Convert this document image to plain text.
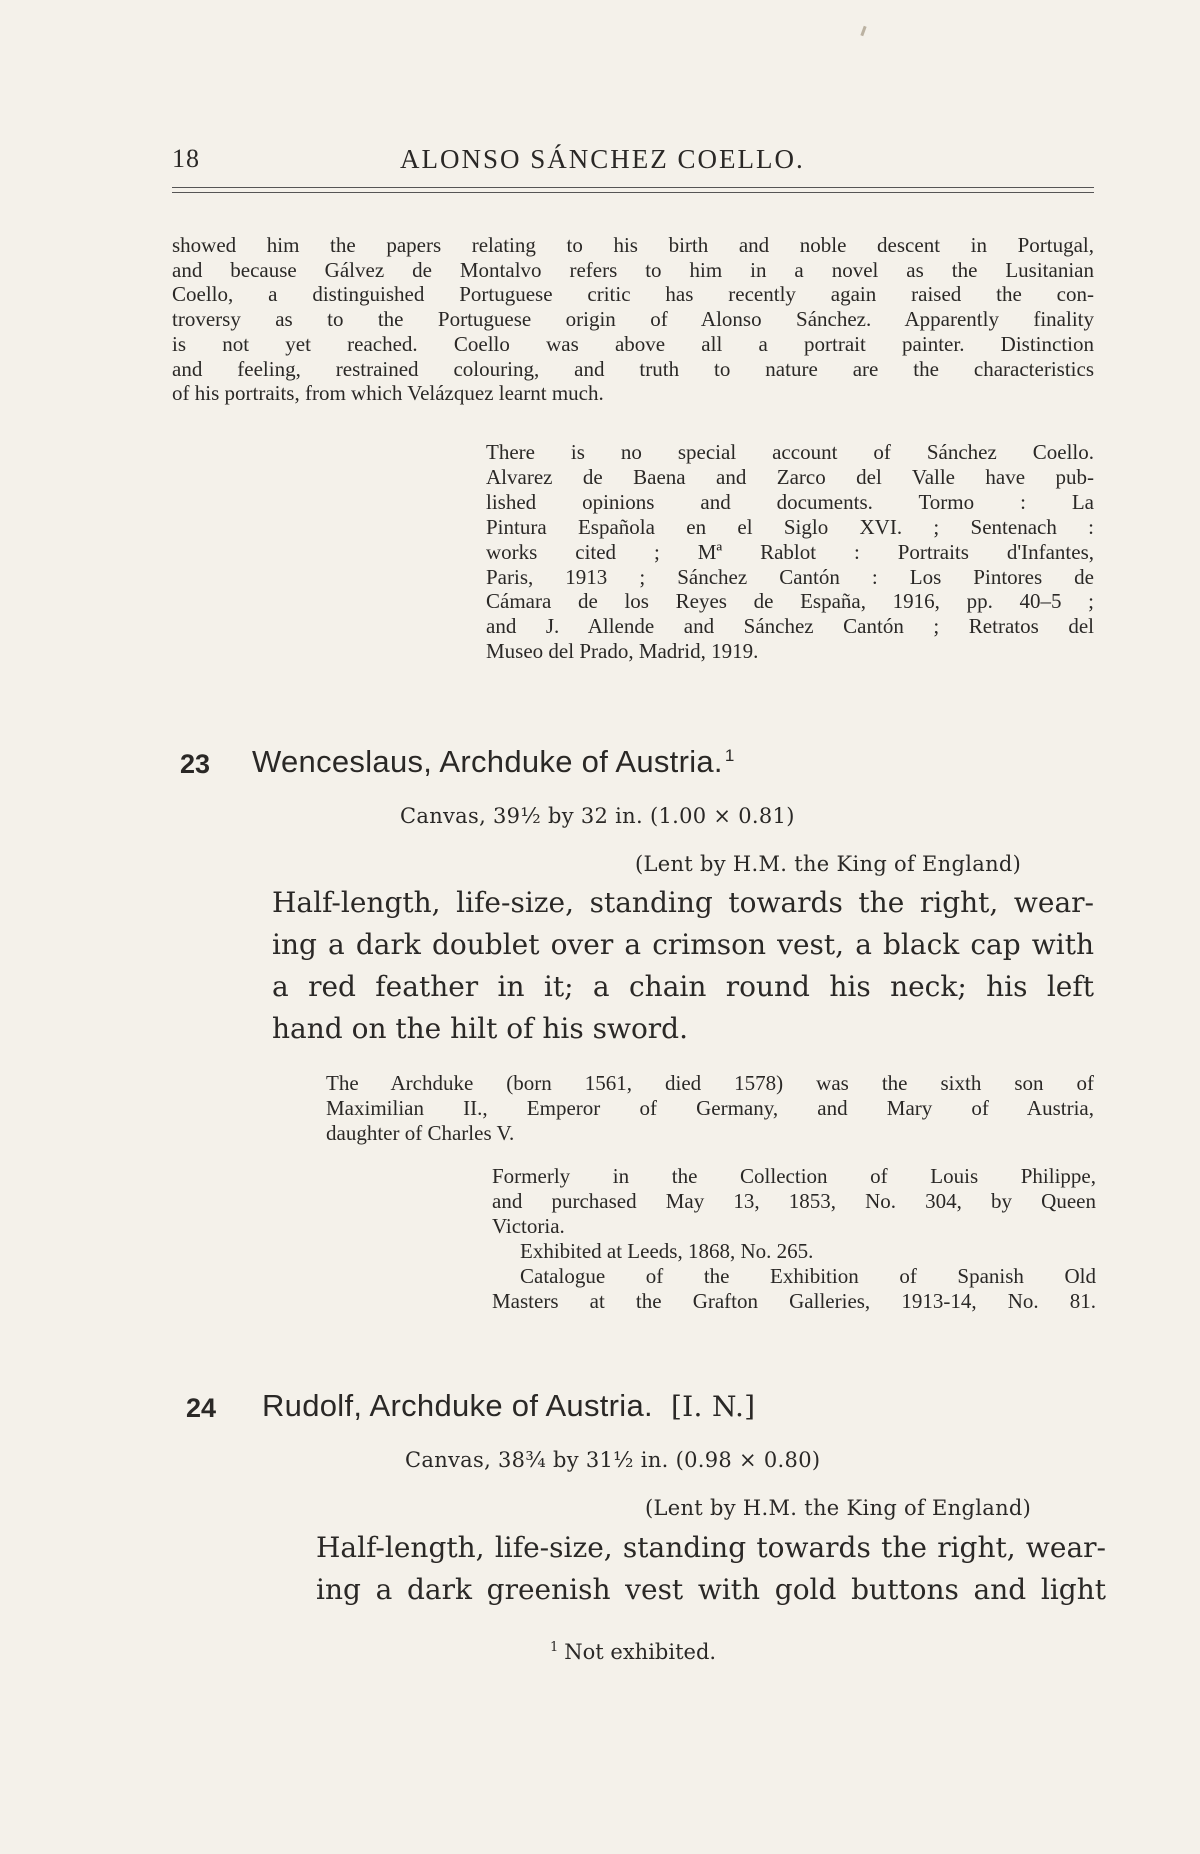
18	ALONSO SÁNCHEZ COELLO.
showed him the papers relating to his birth and noble descent in Portugal,
and because Gálvez de Montalvo refers to him in a novel as the Lusitanian
Coello, a distinguished Portuguese critic has recently again raised the con-
troversy as to the Portuguese origin of Alonso Sánchez. Apparently finality
is not yet reached. Coello was above all a portrait painter. Distinction
and feeling, restrained colouring, and truth to nature are the characteristics
of his portraits, from which Velázquez learnt much.
There is no special account of Sánchez Coello.
Alvarez de Baena and Zarco del Valle have pub-
lished opinions and documents. Tormo : La
Pintura Española en el Siglo XVI. ; Sentenach :
works cited ; Mª Rablot : Portraits d'Infantes,
Paris, 1913 ; Sánchez Cantón : Los Pintores de
Cámara de los Reyes de España, 1916, pp. 40–5 ;
and J. Allende and Sánchez Cantón ; Retratos del
Museo del Prado, Madrid, 1919.
23 Wenceslaus, Archduke of Austria. $^1$
Canvas, 39½ by 32 in. (1.00 × 0.81)
(Lent by H.M. the King of England)
Half-length, life-size, standing towards the right, wear-
ing a dark doublet over a crimson vest, a black cap with
a red feather in it; a chain round his neck; his left
hand on the hilt of his sword.
The Archduke (born 1561, died 1578) was the sixth son of
Maximilian II., Emperor of Germany, and Mary of Austria,
daughter of Charles V.
Formerly in the Collection of Louis Philippe,
and purchased May 13, 1853, No. 304, by Queen
Victoria.
Exhibited at Leeds, 1868, No. 265.
Catalogue of the Exhibition of Spanish Old
Masters at the Grafton Galleries, 1913-14, No. 81.
24 Rudolf, Archduke of Austria. [I. N.]
Canvas, 38¾ by 31½ in. (0.98 × 0.80)
(Lent by H.M. the King of England)
Half-length, life-size, standing towards the right, wear-
ing a dark greenish vest with gold buttons and light
$^1$ Not exhibited.
